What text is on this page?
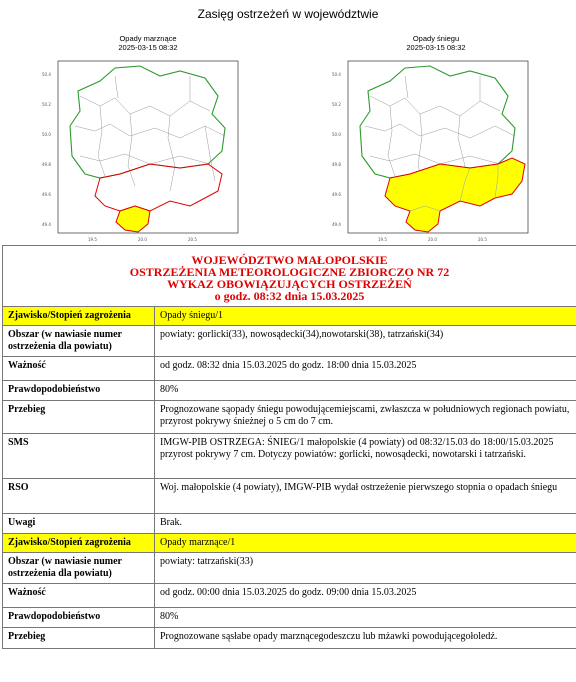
Zasięg ostrzeżeń w województwie
Opady marznące
2025-03-15 08:32
50.4
50.2
50.0
49.8
49.6
49.4
19.5	20.0	20.5
Opady śniegu
2025-03-15 08:32
50.4
50.2
50.0
49.8
49.6
49.4
19.5	20.0	20.5
WOJEWÓDZTWO MAŁOPOLSKIE
OSTRZEŻENIA METEOROLOGICZNE ZBIORCZO NR 72
WYKAZ OBOWIĄZUJĄCYCH OSTRZEŻEŃ
o godz. 08:32 dnia 15.03.2025	

Zjawisko/Stopień zagrożenia	Opady śniegu/1
Obszar (w nawiasie numer ostrzeżenia dla powiatu)	powiaty: gorlicki(33), nowosądecki(34),nowotarski(38), tatrzański(34)
Ważność	od godz. 08:32 dnia 15.03.2025 do godz. 18:00 dnia 15.03.2025
Prawdopodobieństwo	80%
Przebieg	Prognozowane sąopady śniegu powodującemiejscami, zwłaszcza w południowych regionach powiatu, przyrost pokrywy śnieżnej o 5 cm do 7 cm.
SMS	IMGW-PIB OSTRZEGA: ŚNIEG/1 małopolskie (4 powiaty) od 08:32/15.03 do 18:00/15.03.2025 przyrost pokrywy 7 cm. Dotyczy powiatów: gorlicki, nowosądecki, nowotarski i tatrzański.
RSO	Woj. małopolskie (4 powiaty), IMGW-PIB wydał ostrzeżenie pierwszego stopnia o opadach śniegu
Uwagi	Brak.
Zjawisko/Stopień zagrożenia	Opady marznące/1
Obszar (w nawiasie numer ostrzeżenia dla powiatu)	powiaty: tatrzański(33)
Ważność	od godz. 00:00 dnia 15.03.2025 do godz. 09:00 dnia 15.03.2025
Prawdopodobieństwo	80%
Przebieg	Prognozowane sąsłabe opady marznącegodeszczu lub mżawki powodującegołoledź.
